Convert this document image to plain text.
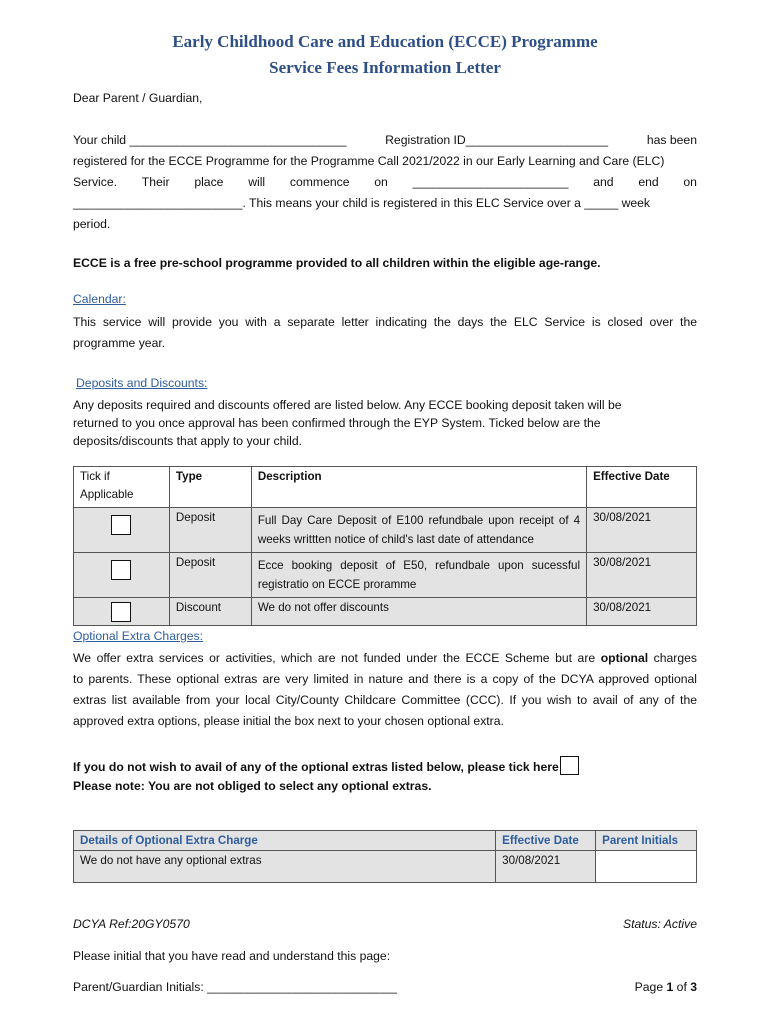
Early Childhood Care and Education (ECCE) Programme
Service Fees Information Letter
Dear Parent / Guardian,
Your child ________________________________	Registration ID_____________________	has been
registered for the ECCE Programme for the Programme Call 2021/2022 in our Early Learning and Care (ELC)
Service. Their place will commence on _______________________ and end on
_________________________. This means your child is registered in this ELC Service over a _____ week
period.
ECCE is a free pre-school programme provided to all children within the eligible age-range.
Calendar:
This service will provide you with a separate letter indicating the days the ELC Service is closed over the programme year.
Deposits and Discounts:
Any deposits required and discounts offered are listed below. Any ECCE booking deposit taken will be
returned to you once approval has been confirmed through the EYP System. Ticked below are the
deposits/discounts that apply to your child.
Tick if Applicable	Type	Description	Effective Date

	Deposit	Full Day Care Deposit of E100 refundbale upon receipt of 4 weeks writtten notice of child's last date of attendance	30/08/2021

	Deposit	Ecce booking deposit of E50, refundbale upon sucessful registratio on ECCE proramme	30/08/2021

	Discount	We do not offer discounts	30/08/2021
Optional Extra Charges:
We offer extra services or activities, which are not funded under the ECCE Scheme but are optional charges
to parents. These optional extras are very limited in nature and there is a copy of the DCYA approved optional
extras list available from your local City/County Childcare Committee (CCC). If you wish to avail of any of the
approved extra options, please initial the box next to your chosen optional extra.
If you do not wish to avail of any of the optional extras listed below, please tick here
Please note: You are not obliged to select any optional extras.
Details of Optional Extra Charge	Effective Date	Parent Initials
We do not have any optional extras	30/08/2021	
DCYA Ref:20GY0570	Status: Active
Please initial that you have read and understand this page:
Parent/Guardian Initials: ____________________________	Page 1 of 3
